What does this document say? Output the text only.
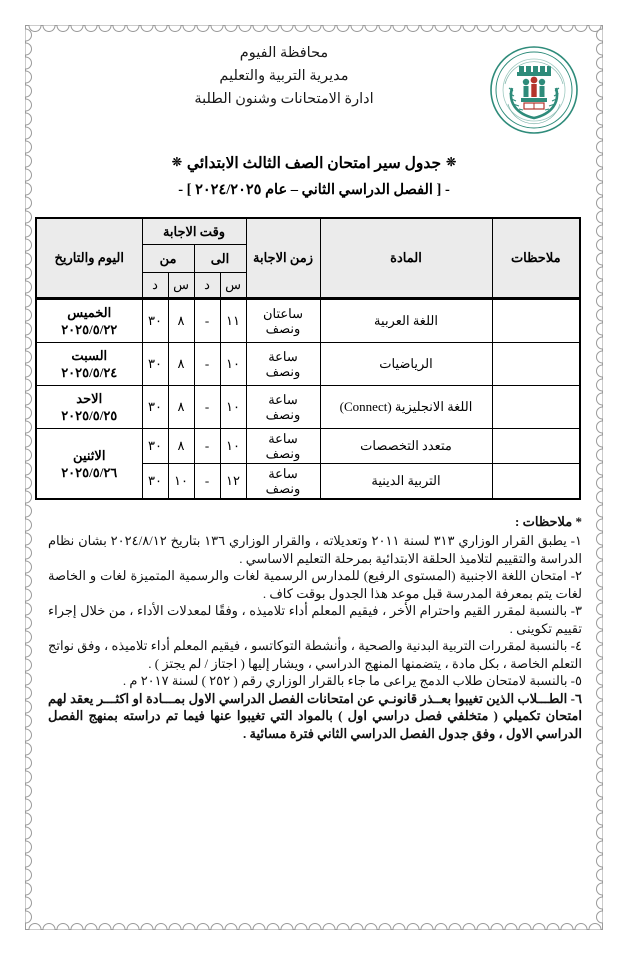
محافظة الفيوم
مديرية التربية والتعليم
ادارة الامتحانات وشنون الطلبة
❊جدول سير امتحان الصف الثالث الابتدائي❊
- [ الفصل الدراسي الثاني – عام ٢٠٢٤/٢٠٢٥ ] -
ملاحظات	المادة	زمن الاجابة	وقت الاجابة				اليوم والتاريخ
			الى		من		
			س	د	س	د	
	اللغة العربية	ساعتان ونصف	١١	-	٨	٣٠	الخميس
٢٠٢٥/٥/٢٢

	الرياضيات	ساعة ونصف	١٠	-	٨	٣٠	السبت
٢٠٢٥/٥/٢٤

	اللغة الانجليزية (Connect)	ساعة ونصف	١٠	-	٨	٣٠	الاحد
٢٠٢٥/٥/٢٥

	متعدد التخصصات	ساعة ونصف	١٠	-	٨	٣٠	الاثنين
٢٠٢٥/٥/٢٦

	التربية الدينية	ساعة ونصف	١٢	-	١٠	٣٠	
* ملاحظات :
١- يطبق القرار الوزاري ٣١٣ لسنة ٢٠١١ وتعديلاته ، والقرار الوزاري ١٣٦ بتاريخ ٢٠٢٤/٨/١٢ بشان نظام الدراسة والتقييم لتلاميذ الحلقة الابتدائية بمرحلة التعليم الاساسي .
٢- امتحان اللغة الاجنبية (المستوى الرفيع) للمدارس الرسمية لغات والرسمية المتميزة لغات و الخاصة لغات يتم بمعرفة المدرسة قبل موعد هذا الجدول بوقت كاف .
٣- بالنسبة لمقرر القيم واحترام الأخر ، فيقيم المعلم أداء تلاميذه ، وفقًا لمعدلات الأداء ، من خلال إجراء تقييم تكوينى .
٤- بالنسبة لمقررات التربية البدنية والصحية ، وأنشطة التوكاتسو ، فيقيم المعلم أداء تلاميذه ، وفق نواتج التعلم الخاصة ، بكل مادة ، يتضمنها المنهج الدراسي ، ويشار إليها ( اجتاز / لم يجتز ) .
٥- بالنسبة لامتحان طلاب الدمج يراعى ما جاء بالقرار الوزاري رقم ( ٢٥٢ ) لسنة ٢٠١٧ م .
٦- الطـــلاب الذين تغيبوا بعــذر قانونـي عن امتحانات الفصل الدراسي الاول بمـــادة او اكثـــر يعقد لهم امتحان تكميلي ( متخلفي فصل دراسي اول ) بالمواد التي تغيبوا عنها فيما تم دراسته بمنهج الفصل الدراسي الاول ، وفق جدول الفصل الدراسي الثاني فترة مسائية .
